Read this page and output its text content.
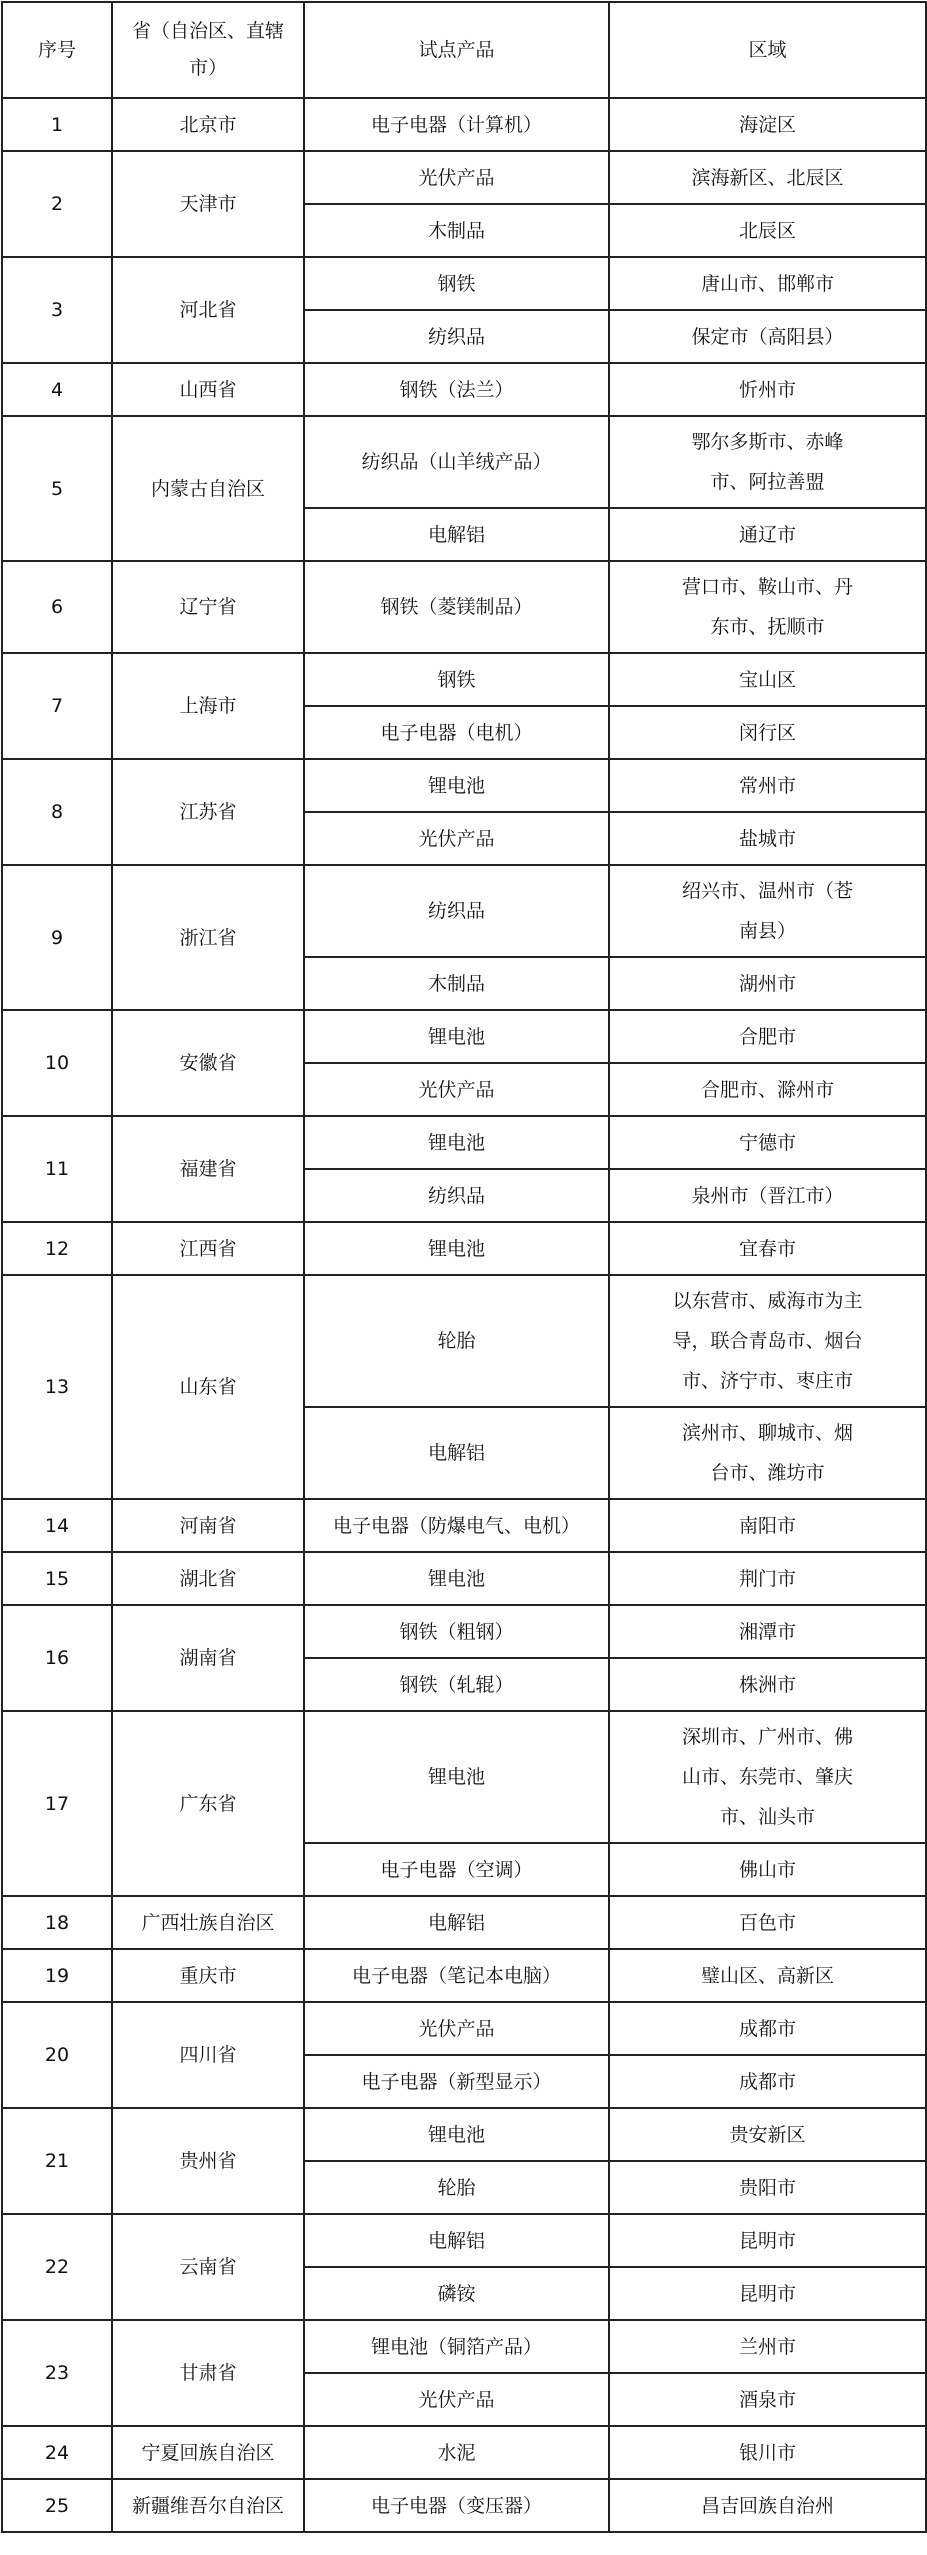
序号	省（自治区、直辖市）	试点产品	区域
1	北京市	电子电器（计算机）	海淀区

2	天津市	光伏产品	滨海新区、北辰区

		木制品	北辰区

3	河北省	钢铁	唐山市、邯郸市

		纺织品	保定市（高阳县）

4	山西省	钢铁（法兰）	忻州市

5	内蒙古自治区	纺织品（山羊绒产品）	鄂尔多斯市、赤峰市、阿拉善盟

		电解铝	通辽市

6	辽宁省	钢铁（菱镁制品）	营口市、鞍山市、丹东市、抚顺市

7	上海市	钢铁	宝山区

		电子电器（电机）	闵行区

8	江苏省	锂电池	常州市

		光伏产品	盐城市

9	浙江省	纺织品	绍兴市、温州市（苍南县）

		木制品	湖州市

10	安徽省	锂电池	合肥市

		光伏产品	合肥市、滁州市

11	福建省	锂电池	宁德市

		纺织品	泉州市（晋江市）

12	江西省	锂电池	宜春市

13	山东省	轮胎	以东营市、威海市为主导，联合青岛市、烟台市、济宁市、枣庄市

		电解铝	滨州市、聊城市、烟台市、潍坊市

14	河南省	电子电器（防爆电气、电机）	南阳市

15	湖北省	锂电池	荆门市

16	湖南省	钢铁（粗钢）	湘潭市

		钢铁（轧辊）	株洲市

17	广东省	锂电池	深圳市、广州市、佛山市、东莞市、肇庆市、汕头市

		电子电器（空调）	佛山市

18	广西壮族自治区	电解铝	百色市

19	重庆市	电子电器（笔记本电脑）	璧山区、高新区

20	四川省	光伏产品	成都市

		电子电器（新型显示）	成都市

21	贵州省	锂电池	贵安新区

		轮胎	贵阳市

22	云南省	电解铝	昆明市

		磷铵	昆明市

23	甘肃省	锂电池（铜箔产品）	兰州市

		光伏产品	酒泉市

24	宁夏回族自治区	水泥	银川市

25	新疆维吾尔自治区	电子电器（变压器）	昌吉回族自治州
